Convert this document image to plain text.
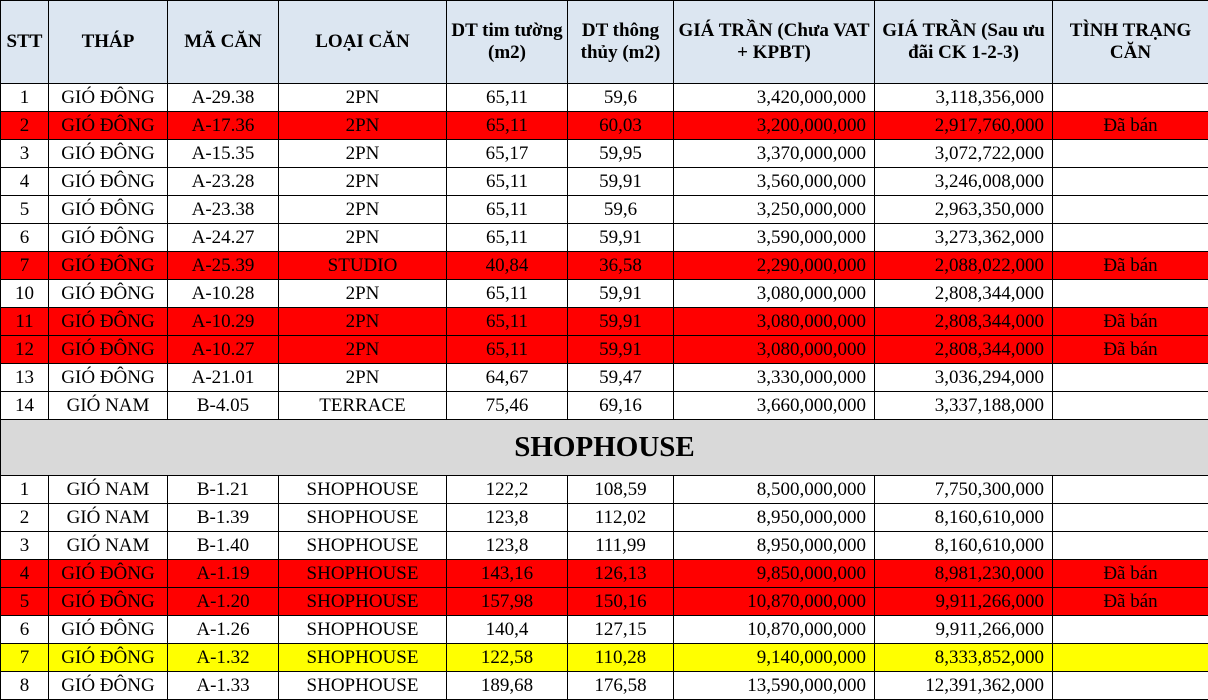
STT	THÁP	MÃ CĂN	LOẠI CĂN	DT tim tường (m2)	DT thông thủy (m2)	GIÁ TRẦN (Chưa VAT + KPBT)	GIÁ TRẦN (Sau ưu đãi CK 1-2-3)	TÌNH TRẠNG CĂN
1	GIÓ ĐÔNG	A-29.38	2PN	65,11	59,6	3,420,000,000	3,118,356,000	
2	GIÓ ĐÔNG	A-17.36	2PN	65,11	60,03	3,200,000,000	2,917,760,000	Đã bán
3	GIÓ ĐÔNG	A-15.35	2PN	65,17	59,95	3,370,000,000	3,072,722,000	
4	GIÓ ĐÔNG	A-23.28	2PN	65,11	59,91	3,560,000,000	3,246,008,000	
5	GIÓ ĐÔNG	A-23.38	2PN	65,11	59,6	3,250,000,000	2,963,350,000	
6	GIÓ ĐÔNG	A-24.27	2PN	65,11	59,91	3,590,000,000	3,273,362,000	
7	GIÓ ĐÔNG	A-25.39	STUDIO	40,84	36,58	2,290,000,000	2,088,022,000	Đã bán
10	GIÓ ĐÔNG	A-10.28	2PN	65,11	59,91	3,080,000,000	2,808,344,000	
11	GIÓ ĐÔNG	A-10.29	2PN	65,11	59,91	3,080,000,000	2,808,344,000	Đã bán
12	GIÓ ĐÔNG	A-10.27	2PN	65,11	59,91	3,080,000,000	2,808,344,000	Đã bán
13	GIÓ ĐÔNG	A-21.01	2PN	64,67	59,47	3,330,000,000	3,036,294,000	
14	GIÓ NAM	B-4.05	TERRACE	75,46	69,16	3,660,000,000	3,337,188,000	
SHOPHOUSE								
1	GIÓ NAM	B-1.21	SHOPHOUSE	122,2	108,59	8,500,000,000	7,750,300,000	
2	GIÓ NAM	B-1.39	SHOPHOUSE	123,8	112,02	8,950,000,000	8,160,610,000	
3	GIÓ NAM	B-1.40	SHOPHOUSE	123,8	111,99	8,950,000,000	8,160,610,000	
4	GIÓ ĐÔNG	A-1.19	SHOPHOUSE	143,16	126,13	9,850,000,000	8,981,230,000	Đã bán
5	GIÓ ĐÔNG	A-1.20	SHOPHOUSE	157,98	150,16	10,870,000,000	9,911,266,000	Đã bán
6	GIÓ ĐÔNG	A-1.26	SHOPHOUSE	140,4	127,15	10,870,000,000	9,911,266,000	
7	GIÓ ĐÔNG	A-1.32	SHOPHOUSE	122,58	110,28	9,140,000,000	8,333,852,000	
8	GIÓ ĐÔNG	A-1.33	SHOPHOUSE	189,68	176,58	13,590,000,000	12,391,362,000	
